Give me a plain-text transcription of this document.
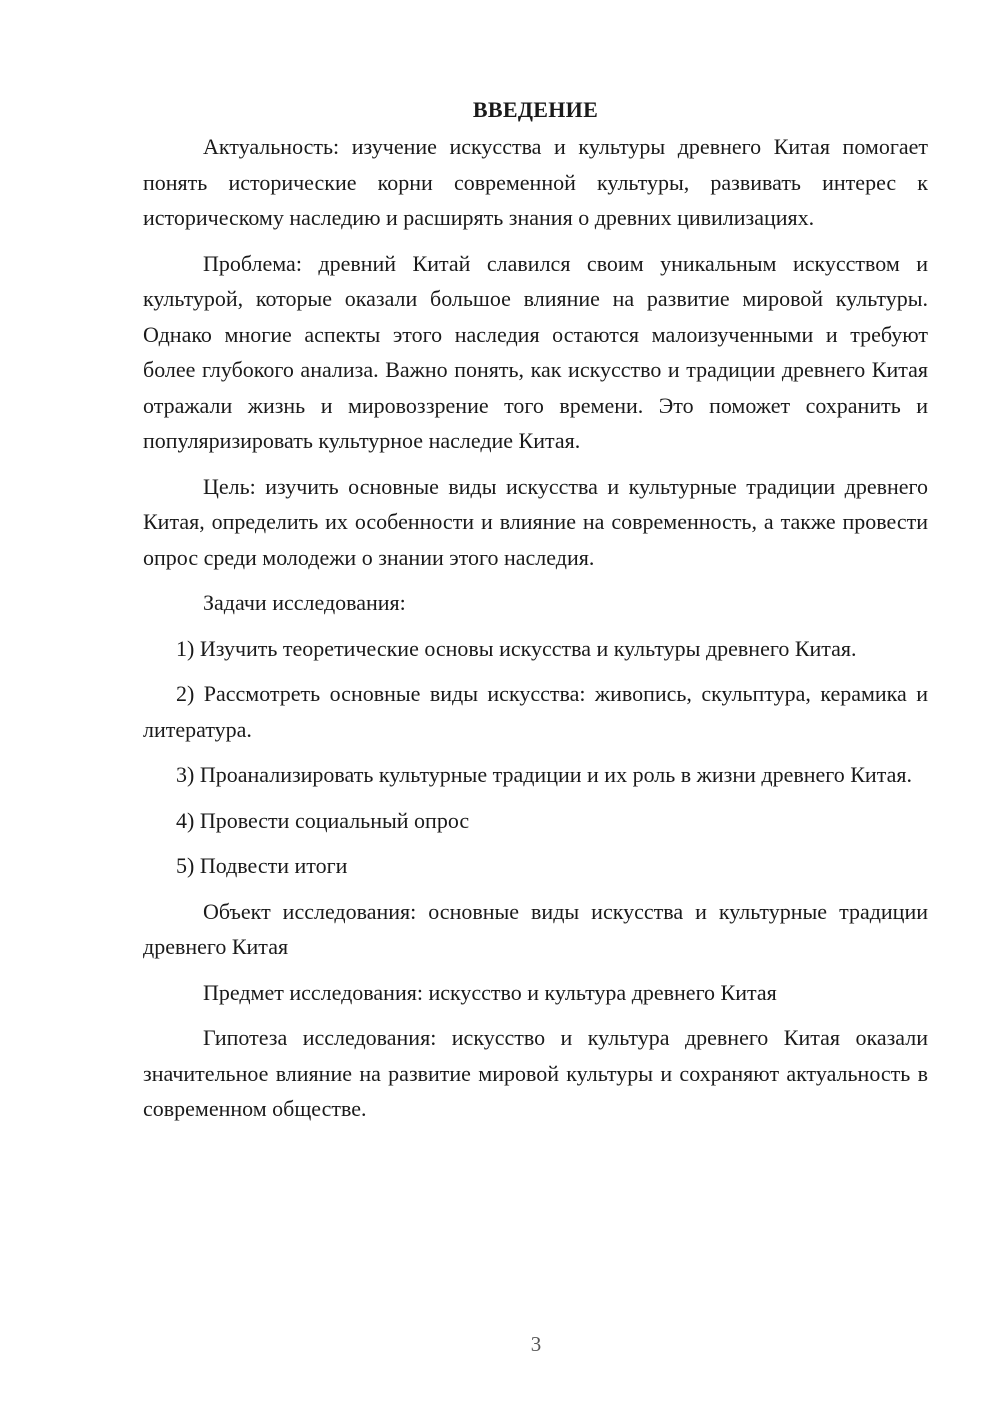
ВВЕДЕНИЕ

Актуальность: изучение искусства и культуры древнего Китая помогает понять исторические корни современной культуры, развивать интерес к историческому наследию и расширять знания о древних цивилизациях.

Проблема: древний Китай славился своим уникальным искусством и культурой, которые оказали большое влияние на развитие мировой культуры. Однако многие аспекты этого наследия остаются малоизученными и требуют более глубокого анализа. Важно понять, как искусство и традиции древнего Китая отражали жизнь и мировоззрение того времени. Это поможет сохранить и популяризировать культурное наследие Китая.

Цель: изучить основные виды искусства и культурные традиции древнего Китая, определить их особенности и влияние на современность, а также провести опрос среди молодежи о знании этого наследия.

Задачи исследования:

1) Изучить теоретические основы искусства и культуры древнего Китая.

2) Рассмотреть основные виды искусства: живопись, скульптура, керамика и литература.

3) Проанализировать культурные традиции и их роль в жизни древнего Китая.

4) Провести социальный опрос

5) Подвести итоги

Объект исследования: основные виды искусства и культурные традиции древнего Китая

Предмет исследования: искусство и культура древнего Китая

Гипотеза исследования: искусство и культура древнего Китая оказали значительное влияние на развитие мировой культуры и сохраняют актуальность в современном обществе.

3
